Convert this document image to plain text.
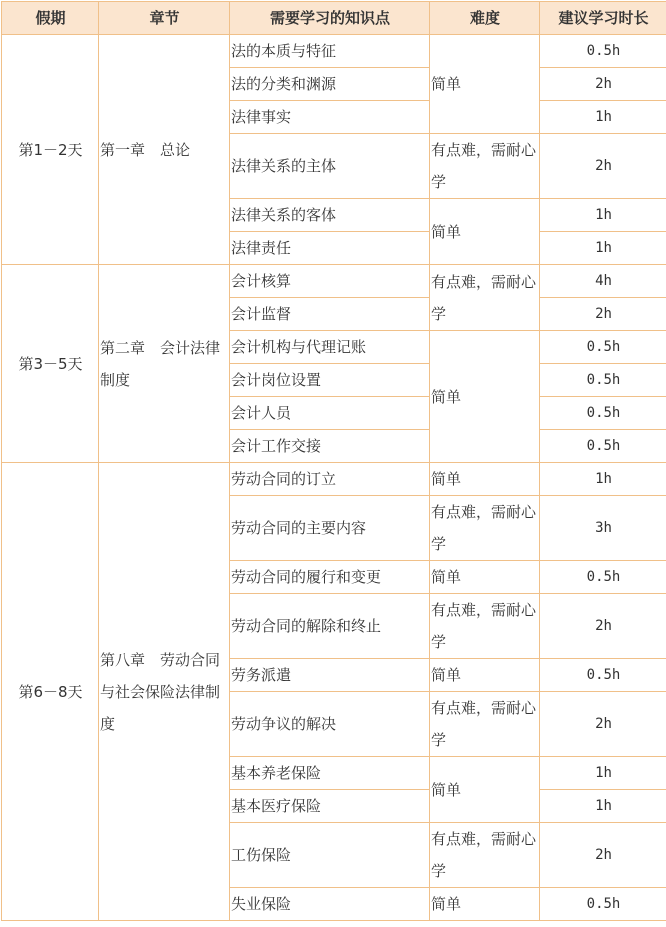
假期	章节	需要学习的知识点	难度	建议学习时长
第1－2天	第一章　总论	法的本质与特征	简单	0.5h
		法的分类和渊源		2h
		法律事实		1h
		法律关系的主体	有点难，需耐心学	2h
		法律关系的客体	简单	1h
		法律责任		1h
第3－5天	第二章　会计法律制度	会计核算	有点难，需耐心学	4h
		会计监督		2h
		会计机构与代理记账	简单	0.5h
		会计岗位设置		0.5h
		会计人员		0.5h
		会计工作交接		0.5h
第6－8天	第八章　劳动合同与社会保险法律制度	劳动合同的订立	简单	1h
		劳动合同的主要内容	有点难，需耐心学	3h
		劳动合同的履行和变更	简单	0.5h
		劳动合同的解除和终止	有点难，需耐心学	2h
		劳务派遣	简单	0.5h
		劳动争议的解决	有点难，需耐心学	2h
		基本养老保险	简单	1h
		基本医疗保险		1h
		工伤保险	有点难，需耐心学	2h
		失业保险	简单	0.5h
